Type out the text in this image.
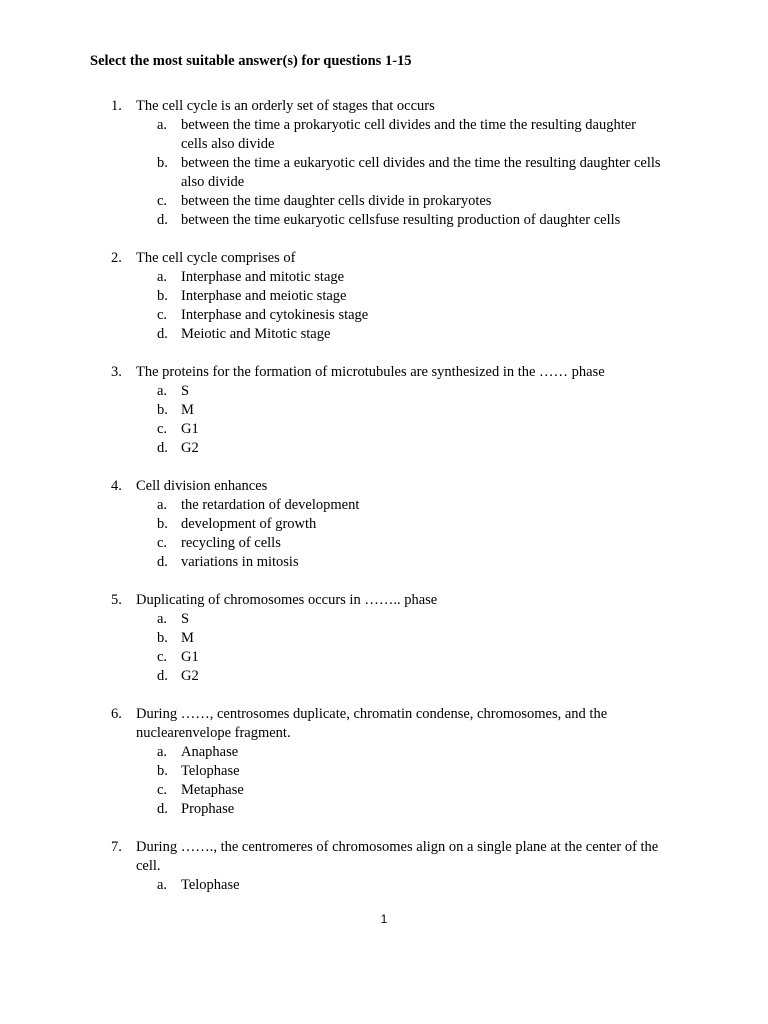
Select the most suitable answer(s) for questions 1-15
1. The cell cycle is an orderly set of stages that occurs
a. between the time a prokaryotic cell divides and the time the resulting daughter cells also divide
b. between the time a eukaryotic cell divides and the time the resulting daughter cells also divide
c. between the time daughter cells divide in prokaryotes
d. between the time eukaryotic cellsfuse resulting production of daughter cells
2. The cell cycle comprises of
a. Interphase and mitotic stage
b. Interphase and meiotic stage
c. Interphase and cytokinesis stage
d. Meiotic and Mitotic stage
3. The proteins for the formation of microtubules are synthesized in the …… phase
a. S
b. M
c. G1
d. G2
4. Cell division enhances
a. the retardation of development
b. development of growth
c. recycling of cells
d. variations in mitosis
5. Duplicating of chromosomes occurs in …….. phase
a. S
b. M
c. G1
d. G2
6. During ……, centrosomes duplicate, chromatin condense, chromosomes, and the nuclearenvelope fragment.
a. Anaphase
b. Telophase
c. Metaphase
d. Prophase
7. During ……., the centromeres of chromosomes align on a single plane at the center of the cell.
a. Telophase
1
